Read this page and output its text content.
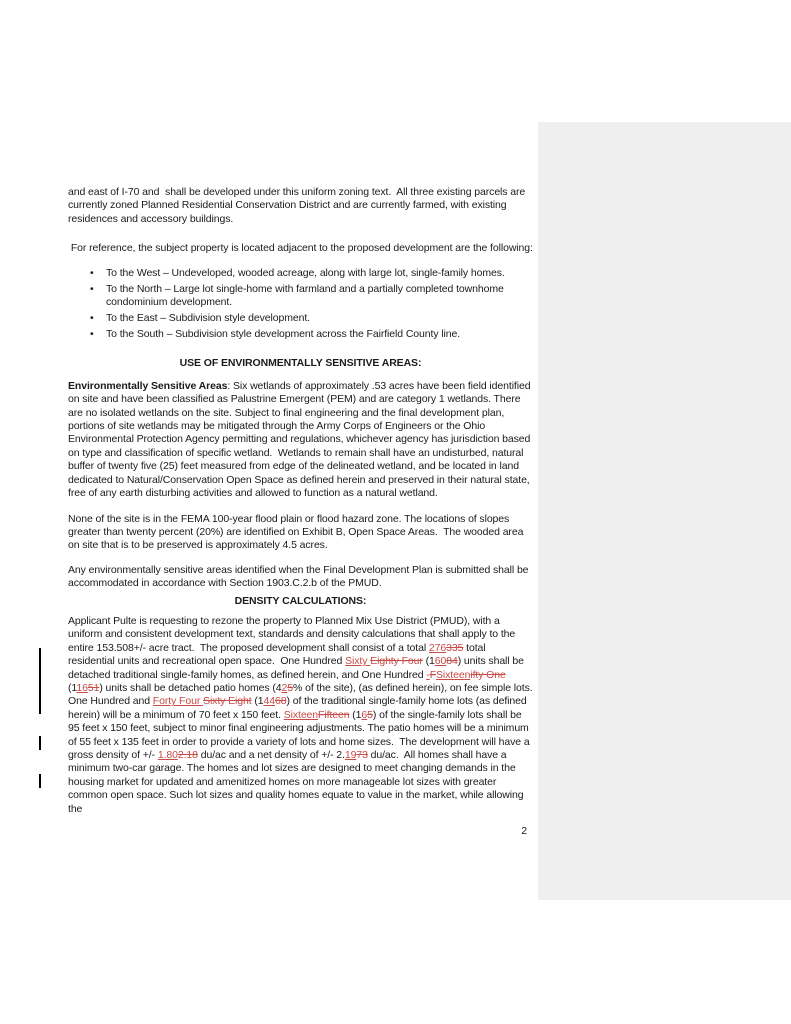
and east of I-70 and  shall be developed under this uniform zoning text.  All three existing parcels are currently zoned Planned Residential Conservation District and are currently farmed, with existing residences and accessory buildings.

For reference, the subject property is located adjacent to the proposed development are the following:

• To the West – Undeveloped, wooded acreage, along with large lot, single-family homes.
• To the North – Large lot single-home with farmland and a partially completed townhome condominium development.
• To the East – Subdivision style development.
• To the South – Subdivision style development across the Fairfield County line.
USE OF ENVIRONMENTALLY SENSITIVE AREAS:

Environmentally Sensitive Areas: Six wetlands of approximately .53 acres have been field identified on site and have been classified as Palustrine Emergent (PEM) and are category 1 wetlands. There are no isolated wetlands on the site. Subject to final engineering and the final development plan, portions of site wetlands may be mitigated through the Army Corps of Engineers or the Ohio Environmental Protection Agency permitting and regulations, whichever agency has jurisdiction based on type and classification of specific wetland.  Wetlands to remain shall have an undisturbed, natural buffer of twenty five (25) feet measured from edge of the delineated wetland, and be located in land dedicated to Natural/Conservation Open Space as defined herein and preserved in their natural state, free of any earth disturbing activities and allowed to function as a natural wetland.

None of the site is in the FEMA 100-year flood plain or flood hazard zone. The locations of slopes greater than twenty percent (20%) are identified on Exhibit B, Open Space Areas.  The wooded area on site that is to be preserved is approximately 4.5 acres.

Any environmentally sensitive areas identified when the Final Development Plan is submitted shall be accommodated in accordance with Section 1903.C.2.b of the PMUD.

DENSITY CALCULATIONS:

Applicant Pulte is requesting to rezone the property to Planned Mix Use District (PMUD), with a uniform and consistent development text, standards and density calculations that shall apply to the entire 153.508+/- acre tract.  The proposed development shall consist of a total 276335 total residential units and recreational open space.  One Hundred Sixty Eighty Four (16084) units shall be detached traditional single-family homes, as defined herein, and One Hundred -FSixteenifty One (11651) units shall be detached patio homes (425% of the site), (as defined herein), on fee simple lots.  One Hundred and Forty Four Sixty Eight (14468) of the traditional single-family home lots (as defined herein) will be a minimum of 70 feet x 150 feet. SixteenFifteen (165) of the single-family lots shall be 95 feet x 150 feet, subject to minor final engineering adjustments. The patio homes will be a minimum of 55 feet x 135 feet in order to provide a variety of lots and home sizes.  The development will have a gross density of +/- 1.802.18 du/ac and a net density of +/- 2.1973 du/ac.  All homes shall have a minimum two-car garage. The homes and lot sizes are designed to meet changing demands in the housing market for updated and amenitized homes on more manageable lot sizes with greater common open space. Such lot sizes and quality homes equate to value in the market, while allowing the

2
